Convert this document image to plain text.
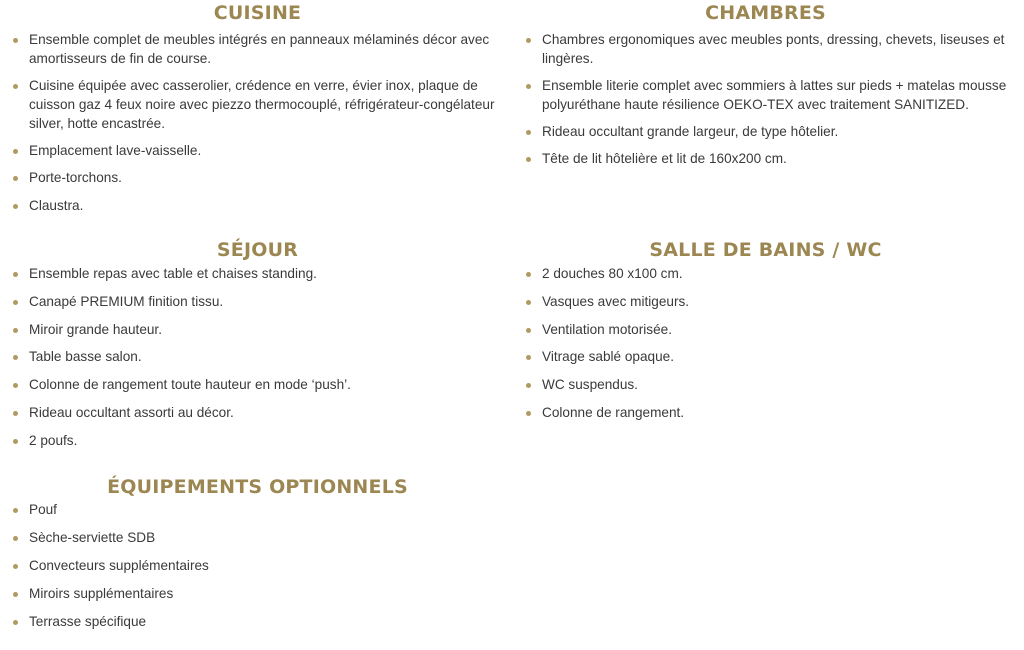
CUISINE
Ensemble complet de meubles intégrés en panneaux mélaminés décor avec amortisseurs de fin de course.
Cuisine équipée avec casserolier, crédence en verre, évier inox, plaque de cuisson gaz 4 feux noire avec piezzo thermocouplé, réfrigérateur-congélateur silver, hotte encastrée.
Emplacement lave-vaisselle.
Porte-torchons.
Claustra.
CHAMBRES
Chambres ergonomiques avec meubles ponts, dressing, chevets, liseuses et lingères.
Ensemble literie complet avec sommiers à lattes sur pieds + matelas mousse polyuréthane haute résilience OEKO-TEX avec traitement SANITIZED.
Rideau occultant grande largeur, de type hôtelier.
Tête de lit hôtelière et lit de 160x200 cm.
SÉJOUR
Ensemble repas avec table et chaises standing.
Canapé PREMIUM finition tissu.
Miroir grande hauteur.
Table basse salon.
Colonne de rangement toute hauteur en mode ‘push’.
Rideau occultant assorti au décor.
2 poufs.
SALLE DE BAINS / WC
2 douches 80 x100 cm.
Vasques avec mitigeurs.
Ventilation motorisée.
Vitrage sablé opaque.
WC suspendus.
Colonne de rangement.
ÉQUIPEMENTS OPTIONNELS
Pouf
Sèche-serviette SDB
Convecteurs supplémentaires
Miroirs supplémentaires
Terrasse spécifique
